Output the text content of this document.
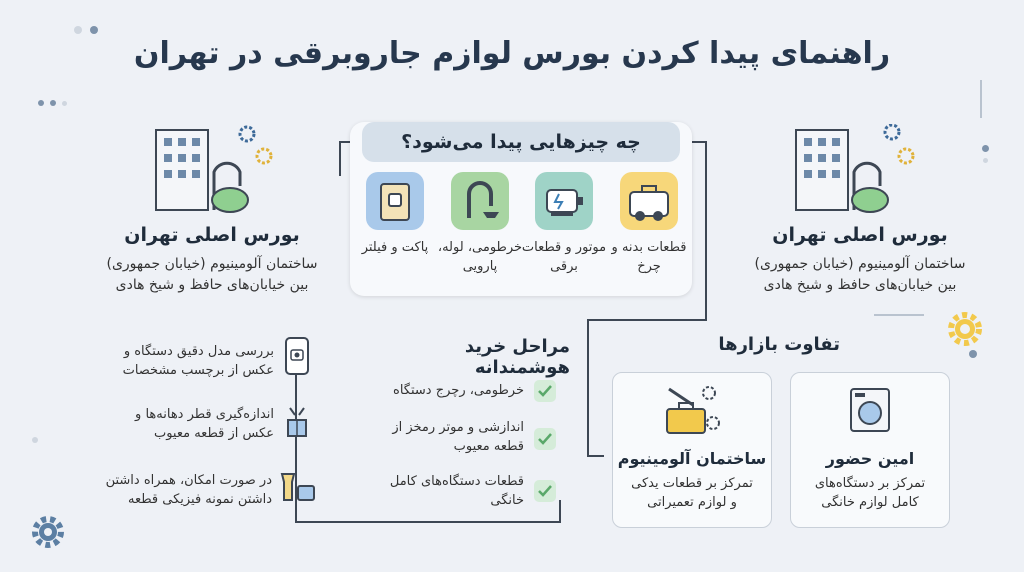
راهنمای پیدا کردن بورس لوازم جاروبرقی در تهران
چه چیزهایی پیدا می‌شود؟
قطعات بدنه و چرخ
موتور و قطعات برقی
خرطومی، لوله، پارویی
پاکت و فیلتر
بورس اصلی تهران
ساختمان آلومینیوم (خیابان جمهوری)
بین خیابان‌های حافظ و شیخ هادی
بورس اصلی تهران
ساختمان آلومینیوم (خیابان جمهوری)
بین خیابان‌های حافظ و شیخ هادی
مراحل خرید هوشمندانه
خرطومی، رچرج دستگاه
اندازشی و موتر رمخز از قطعه معیوب
قطعات دستگاه‌های کامل خانگی
بررسی مدل دقیق دستگاه و عکس از برچسب مشخصات
اندازه‌گیری قطر دهانه‌ها و عکس از قطعه معیوب
در صورت امکان، همراه داشتن داشتن نمونه فیزیکی قطعه
تفاوت بازارها
امین حضور
تمرکز بر دستگاه‌های
کامل لوازم خانگی
ساختمان آلومینیوم
تمرکز بر قطعات یدکی
و لوازم تعمیراتی
